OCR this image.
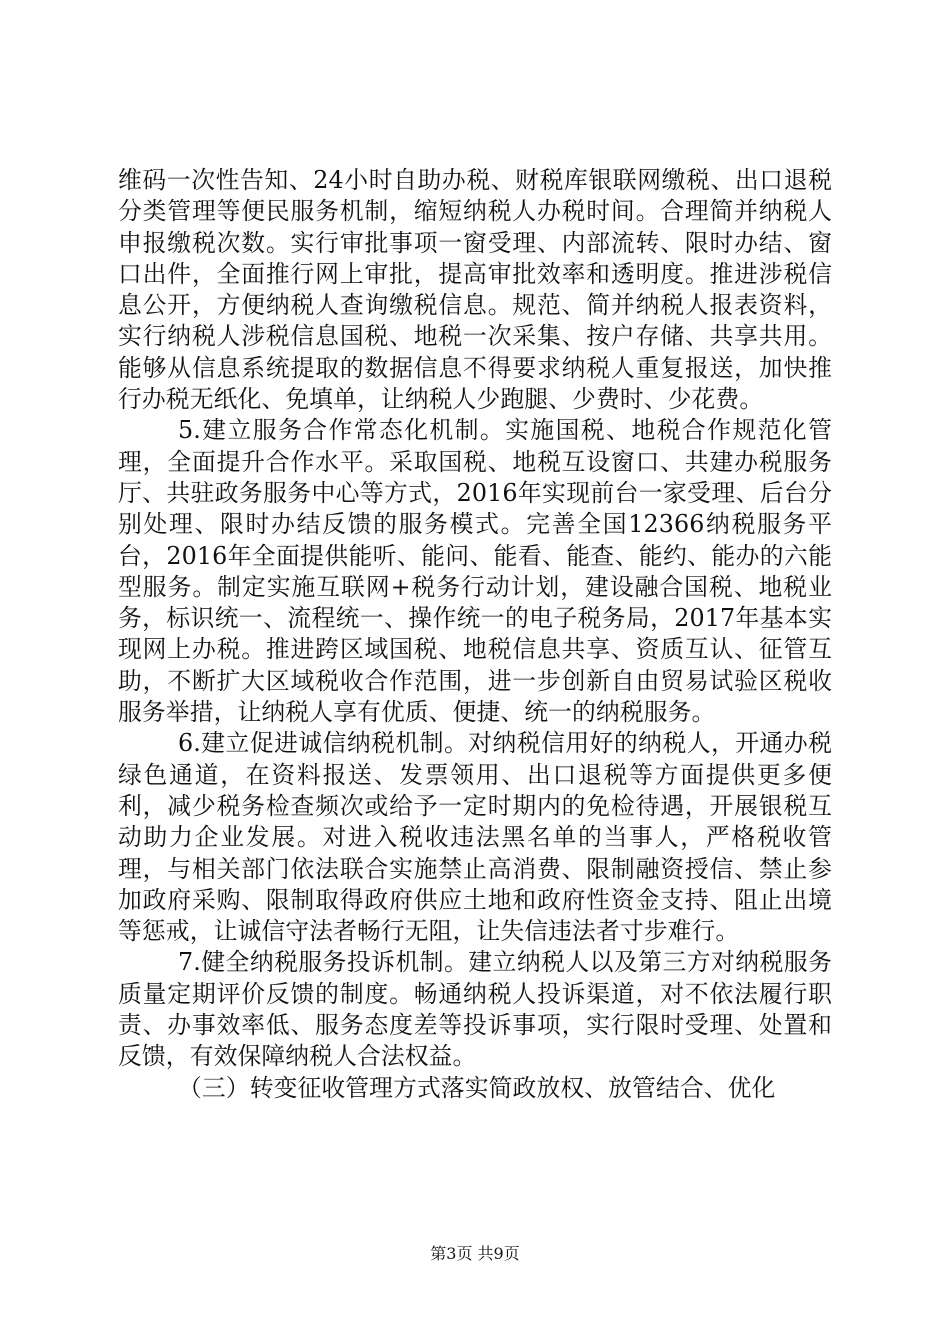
维码一次性告知、24小时自助办税、财税库银联网缴税、出口退税分类管理等便民服务机制，缩短纳税人办税时间。合理简并纳税人申报缴税次数。实行审批事项一窗受理、内部流转、限时办结、窗口出件，全面推行网上审批，提高审批效率和透明度。推进涉税信息公开，方便纳税人查询缴税信息。规范、简并纳税人报表资料，实行纳税人涉税信息国税、地税一次采集、按户存储、共享共用。能够从信息系统提取的数据信息不得要求纳税人重复报送，加快推行办税无纸化、免填单，让纳税人少跑腿、少费时、少花费。

5.建立服务合作常态化机制。实施国税、地税合作规范化管理，全面提升合作水平。采取国税、地税互设窗口、共建办税服务厅、共驻政务服务中心等方式，2016年实现前台一家受理、后台分别处理、限时办结反馈的服务模式。完善全国12366纳税服务平台，2016年全面提供能听、能问、能看、能查、能约、能办的六能型服务。制定实施互联网+税务行动计划，建设融合国税、地税业务，标识统一、流程统一、操作统一的电子税务局，2017年基本实现网上办税。推进跨区域国税、地税信息共享、资质互认、征管互助，不断扩大区域税收合作范围，进一步创新自由贸易试验区税收服务举措，让纳税人享有优质、便捷、统一的纳税服务。

6.建立促进诚信纳税机制。对纳税信用好的纳税人，开通办税绿色通道，在资料报送、发票领用、出口退税等方面提供更多便利，减少税务检查频次或给予一定时期内的免检待遇，开展银税互动助力企业发展。对进入税收违法黑名单的当事人，严格税收管理，与相关部门依法联合实施禁止高消费、限制融资授信、禁止参加政府采购、限制取得政府供应土地和政府性资金支持、阻止出境等惩戒，让诚信守法者畅行无阻，让失信违法者寸步难行。

7.健全纳税服务投诉机制。建立纳税人以及第三方对纳税服务质量定期评价反馈的制度。畅通纳税人投诉渠道，对不依法履行职责、办事效率低、服务态度差等投诉事项，实行限时受理、处置和反馈，有效保障纳税人合法权益。

（三）转变征收管理方式落实简政放权、放管结合、优化

第3页 共9页
